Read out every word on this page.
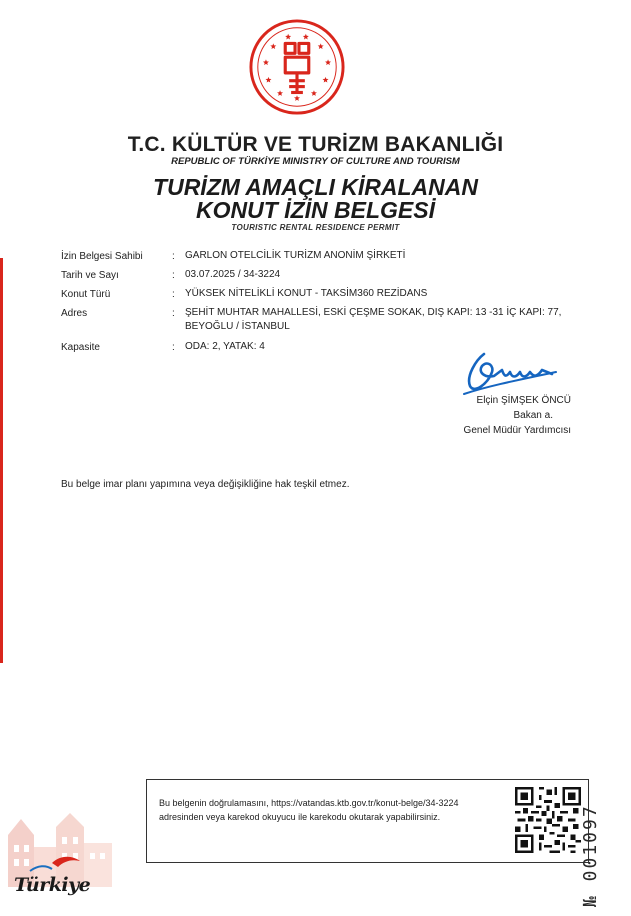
T.C. KÜLTÜR VE TURİZM BAKANLIĞI
REPUBLIC OF TÜRKİYE MINISTRY OF CULTURE AND TOURISM
TURİZM AMAÇLI KİRALANAN
KONUT İZİN BELGESİ
TOURISTIC RENTAL RESIDENCE PERMIT
İzin Belgesi Sahibi	: GARLON OTELCİLİK TURİZM ANONİM ŞİRKETİ
Tarih ve Sayı	: 03.07.2025 / 34-3224
Konut Türü	: YÜKSEK NİTELİKLİ KONUT - TAKSİM360 REZİDANS
Adres	: ŞEHİT MUHTAR MAHALLESİ, ESKİ ÇEŞME SOKAK, DIŞ KAPI: 13 -31 İÇ KAPI: 77,
BEYOĞLU / İSTANBUL
Kapasite	: ODA: 2, YATAK: 4
Elçin ŞİMŞEK ÖNCÜ
Bakan a.
Genel Müdür Yardımcısı
Bu belge imar planı yapımına veya değişikliğine hak teşkil etmez.
Bu belgenin doğrulamasını, https://vatandas.ktb.gov.tr/konut-belge/34-3224
adresinden veya karekod okuyucu ile karekodu okutarak yapabilirsiniz.	№ 001097
Türkiye
